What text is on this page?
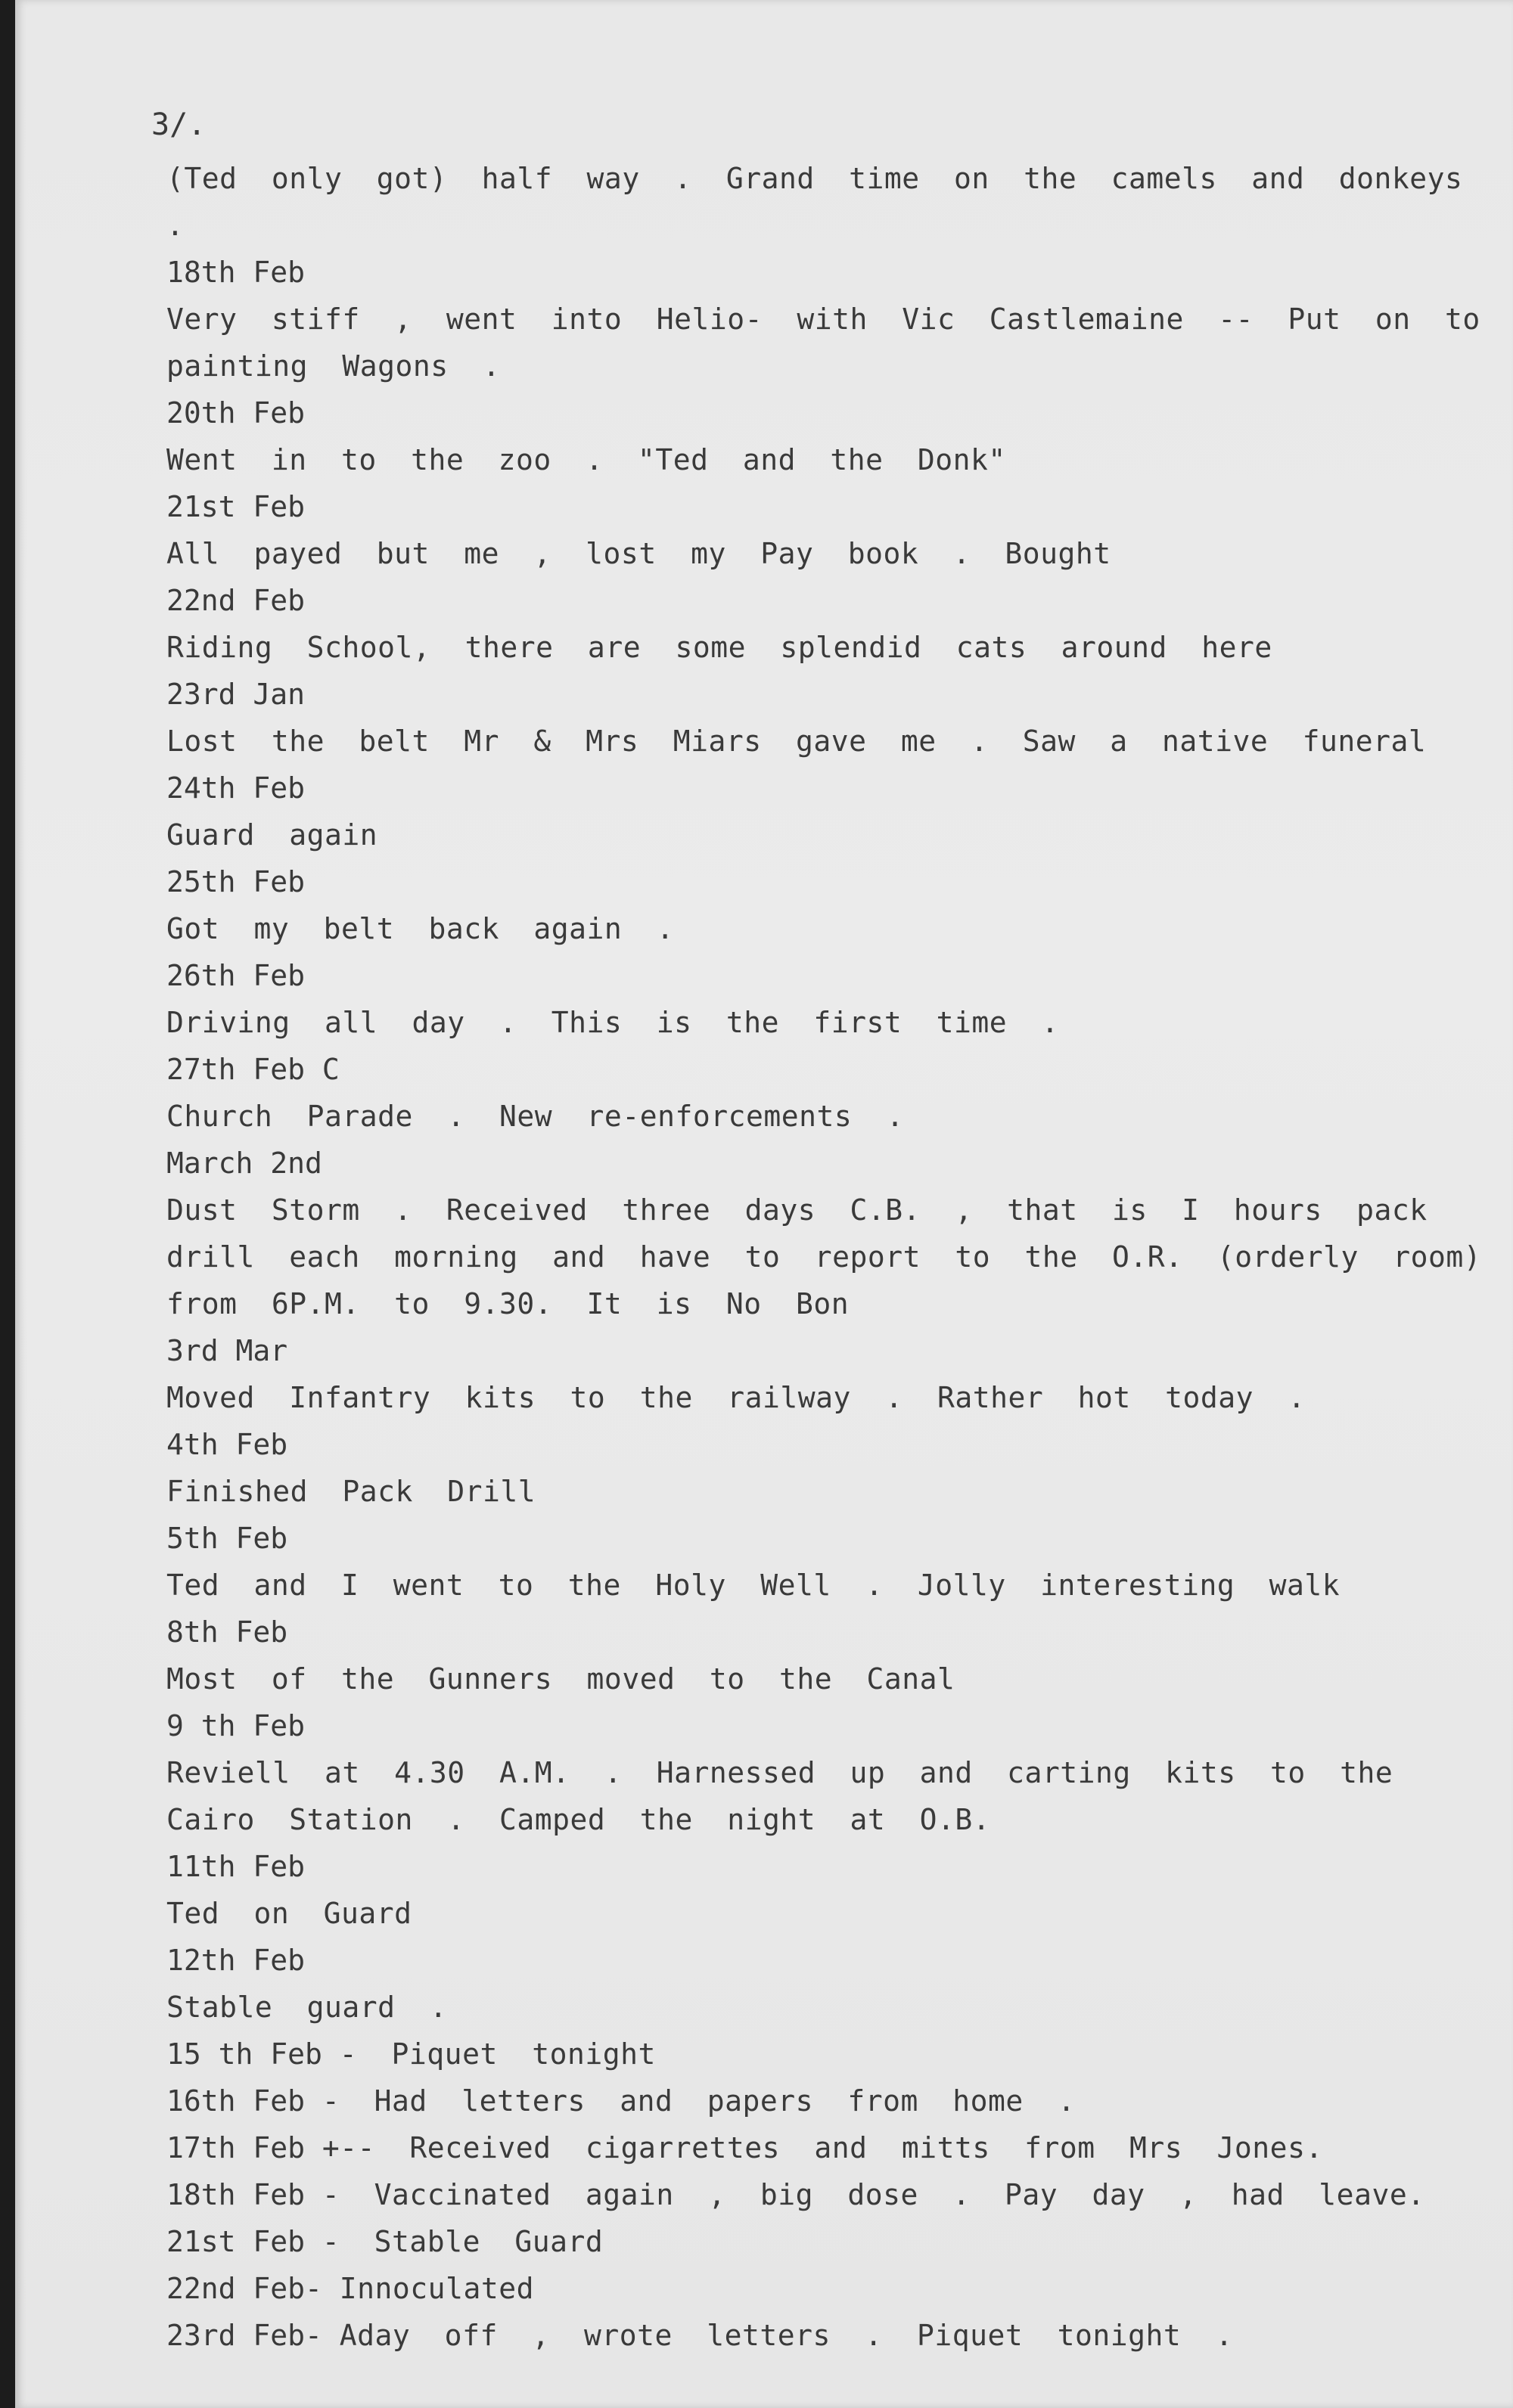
3/.
(Ted only got) half way . Grand time on the camels and donkeys .
18th Feb
Very stiff , went into Helio- with Vic Castlemaine -- Put on to painting Wagons .
20th Feb
Went in to the zoo . "Ted and the Donk"
21st Feb
All payed but me , lost my Pay book . Bought
22nd Feb
Riding School, there are some splendid cats around here
23rd Jan
Lost the belt Mr & Mrs Miars gave me . Saw a native funeral
24th Feb
Guard again
25th Feb
Got my belt back again .
26th Feb
Driving all day . This is the first time .
27th Feb C
Church Parade . New re-enforcements .
March 2nd
Dust Storm . Received three days C.B. , that is I hours pack drill each morning and have to report to the O.R. (orderly room) from 6P.M. to 9.30. It is No Bon
3rd Mar
Moved Infantry kits to the railway . Rather hot today .
4th Feb
Finished Pack Drill
5th Feb
Ted and I went to the Holy Well . Jolly interesting walk
8th Feb
Most of the Gunners moved to the Canal
9 th Feb
Reviell at 4.30 A.M. . Harnessed up and carting kits to the Cairo Station . Camped the night at O.B.
11th Feb
Ted on Guard
12th Feb
Stable guard .
15 th Feb - Piquet tonight
16th Feb - Had letters and papers from home .
17th Feb +-- Received cigarrettes and mitts from Mrs Jones.
18th Feb - Vaccinated again , big dose . Pay day , had leave.
21st Feb - Stable Guard
22nd Feb- Innoculated
23rd Feb- Aday off , wrote letters . Piquet tonight .
